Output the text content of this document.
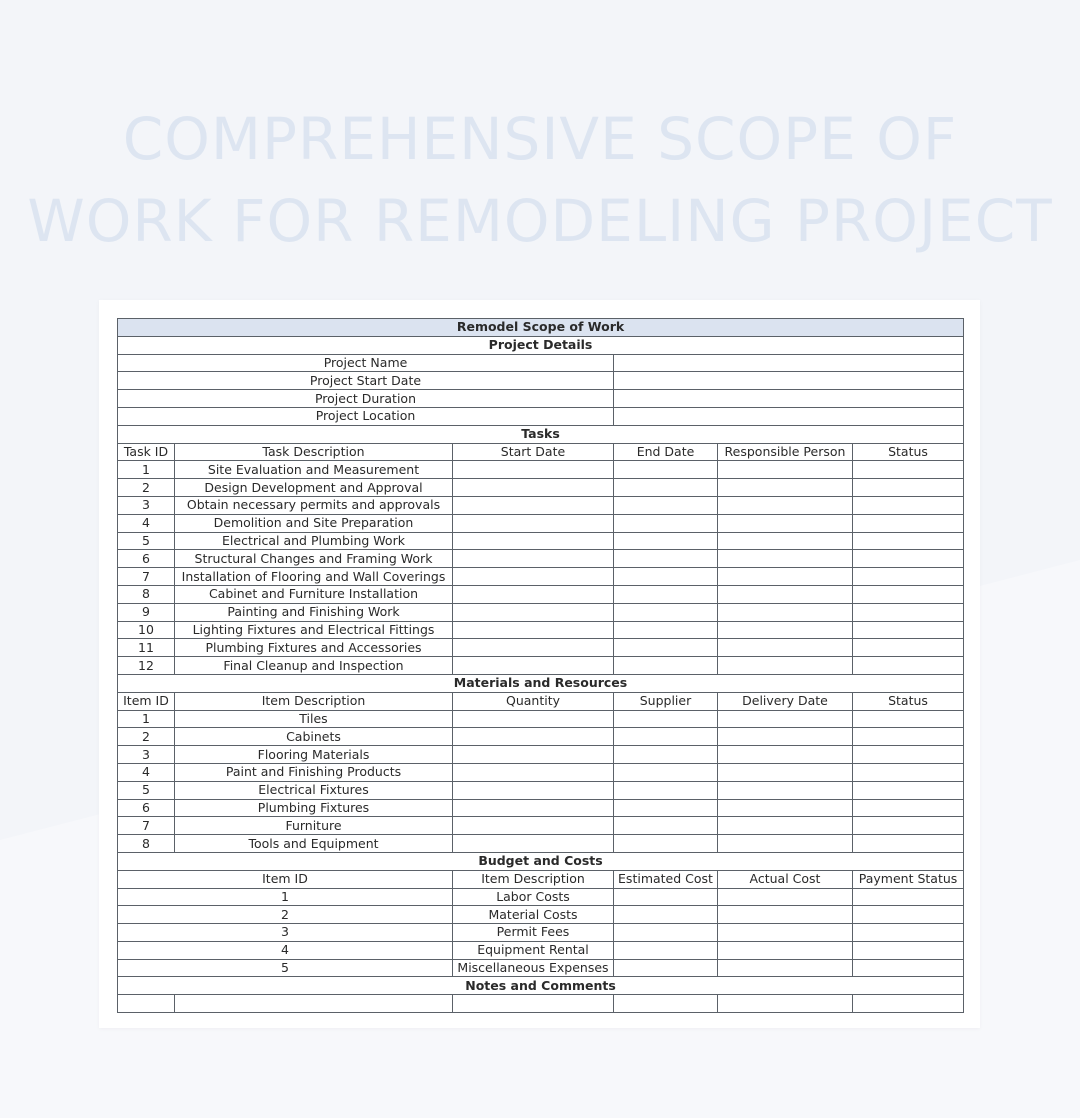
COMPREHENSIVE SCOPE OF
WORK FOR REMODELING PROJECT
Remodel Scope of Work					
Project Details					
Project Name					
Project Start Date					
Project Duration					
Project Location					
Tasks					
Task ID	Task Description	Start Date	End Date	Responsible Person	Status
1	Site Evaluation and Measurement				
2	Design Development and Approval				
3	Obtain necessary permits and approvals				
4	Demolition and Site Preparation				
5	Electrical and Plumbing Work				
6	Structural Changes and Framing Work				
7	Installation of Flooring and Wall Coverings				
8	Cabinet and Furniture Installation				
9	Painting and Finishing Work				
10	Lighting Fixtures and Electrical Fittings				
11	Plumbing Fixtures and Accessories				
12	Final Cleanup and Inspection				
Materials and Resources					
Item ID	Item Description	Quantity	Supplier	Delivery Date	Status
1	Tiles				
2	Cabinets				
3	Flooring Materials				
4	Paint and Finishing Products				
5	Electrical Fixtures				
6	Plumbing Fixtures				
7	Furniture				
8	Tools and Equipment				
Budget and Costs					
Item ID		Item Description	Estimated Cost	Actual Cost	Payment Status
1		Labor Costs			
2		Material Costs			
3		Permit Fees			
4		Equipment Rental			
5		Miscellaneous Expenses			
Notes and Comments					
